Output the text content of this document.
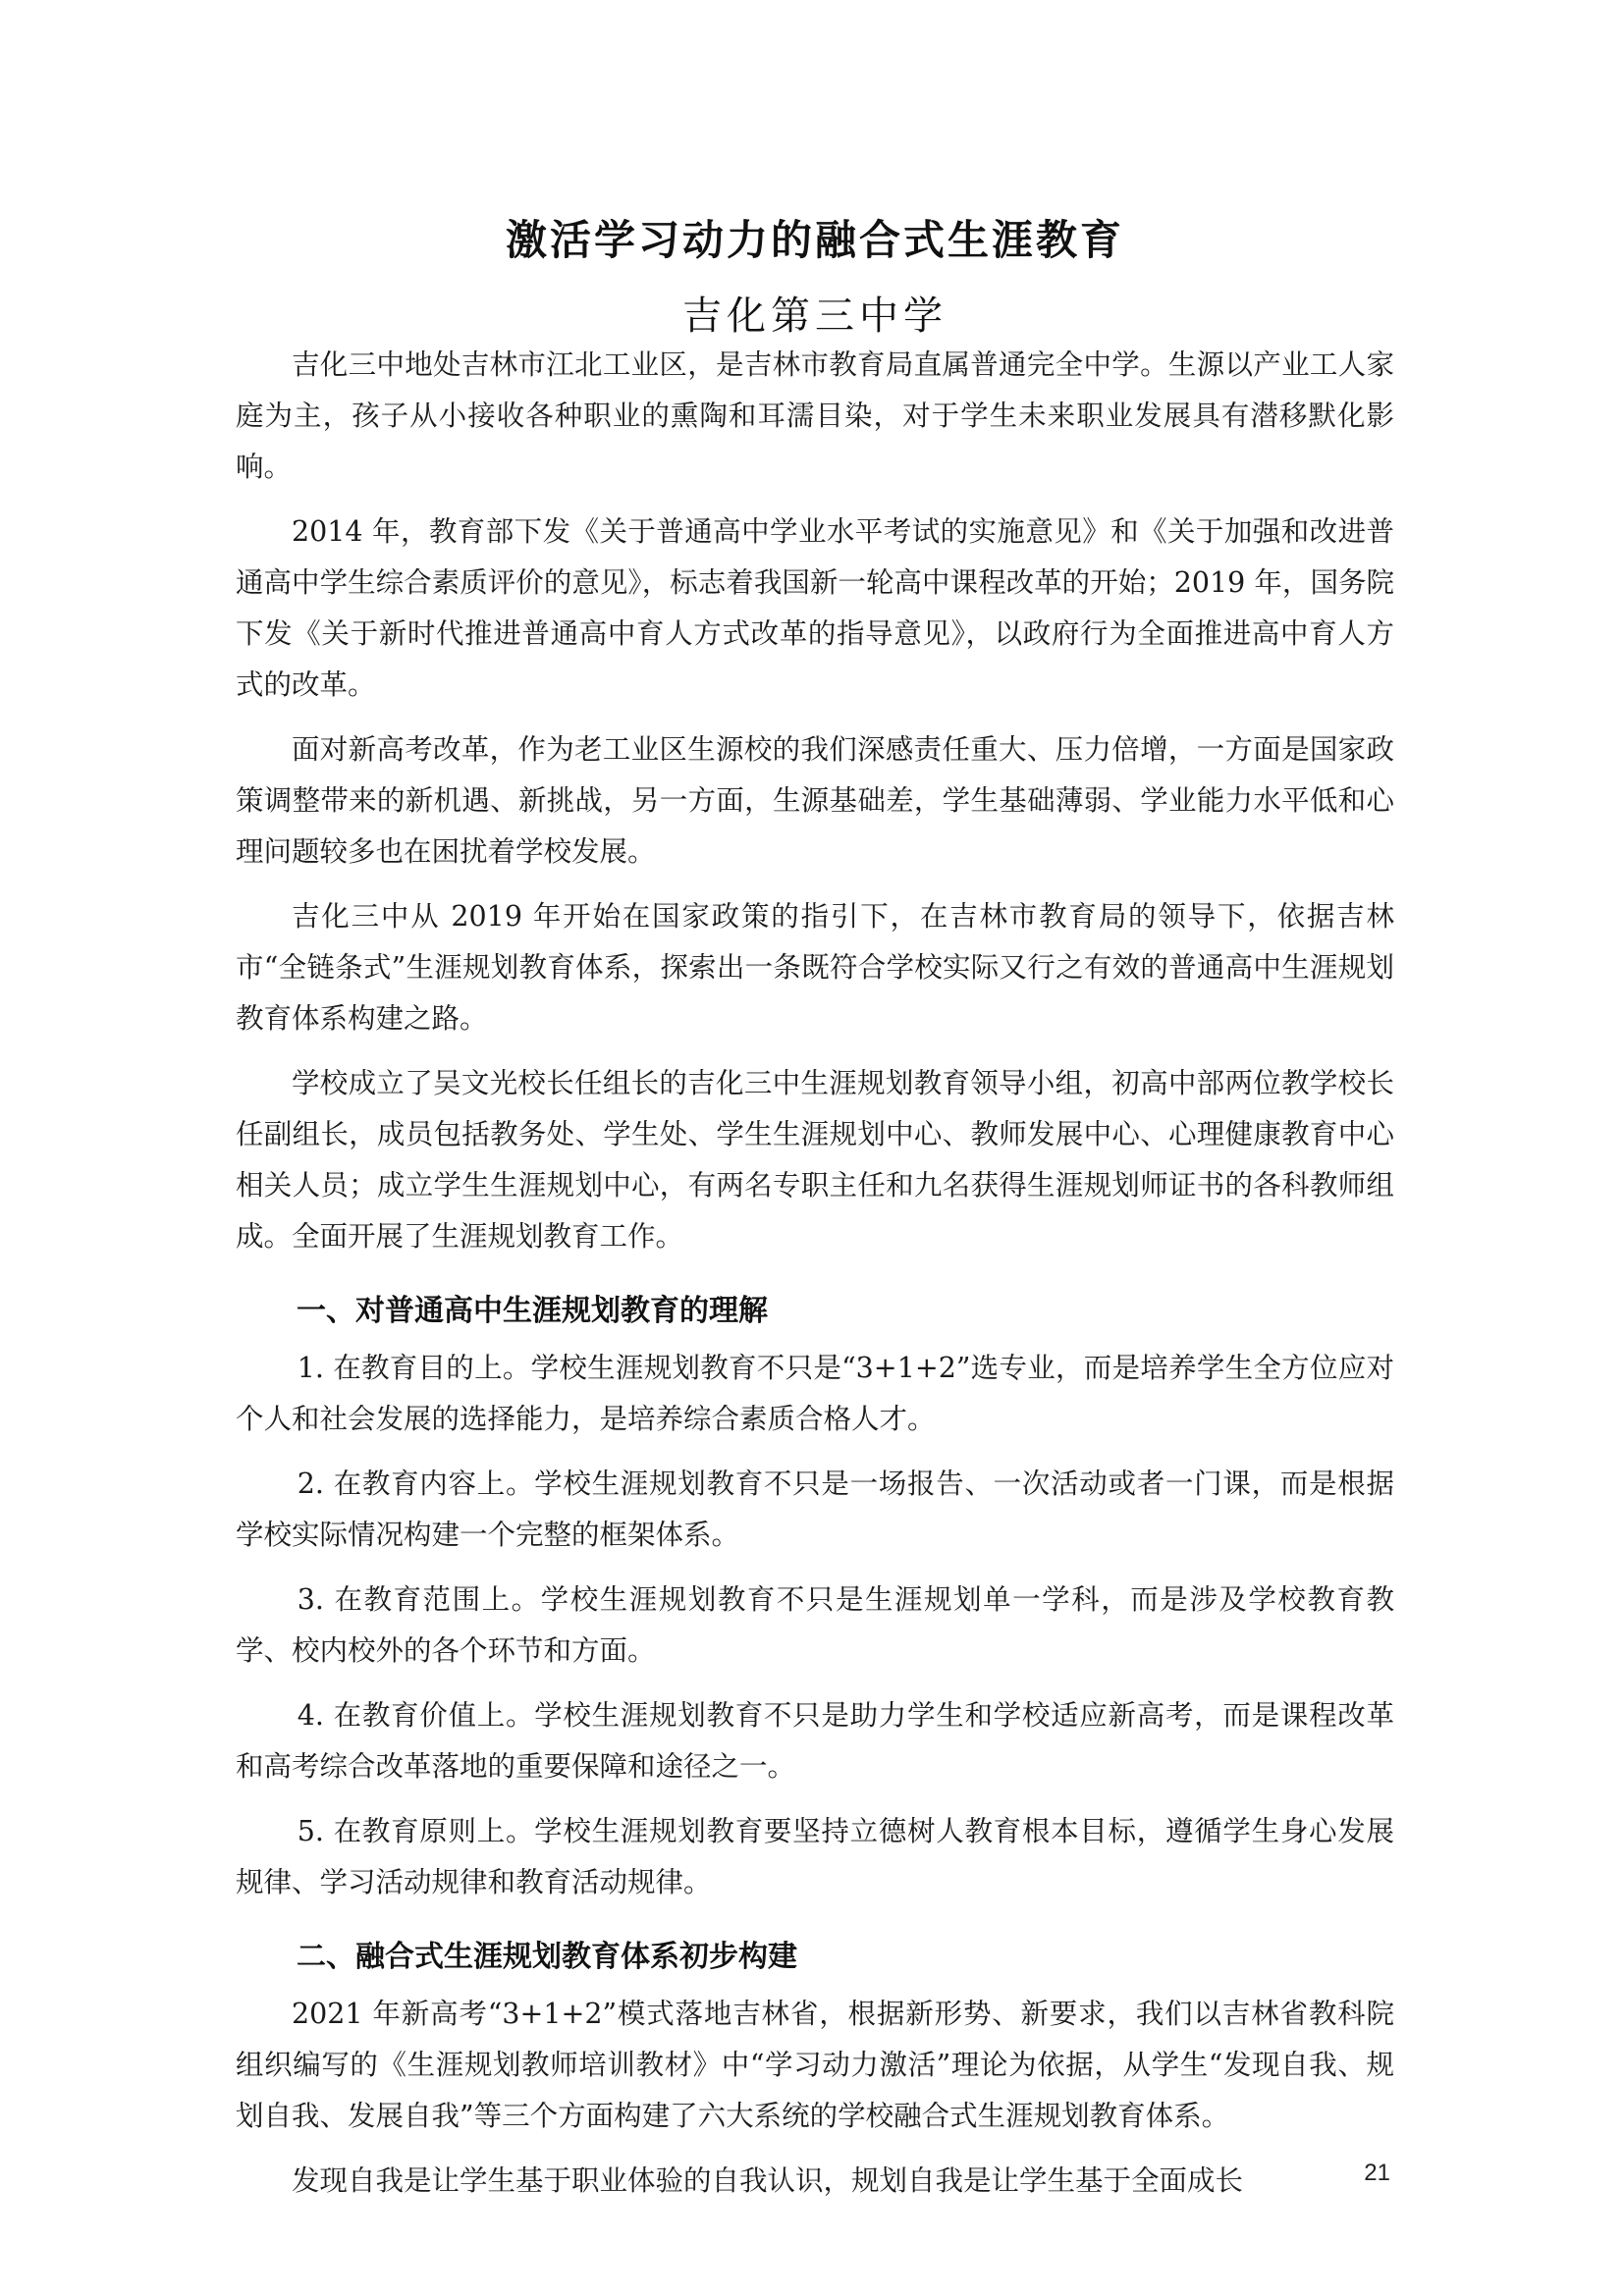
激活学习动力的融合式生涯教育
吉化第三中学

吉化三中地处吉林市江北工业区，是吉林市教育局直属普通完全中学。生源以产业工人家庭为主，孩子从小接收各种职业的熏陶和耳濡目染，对于学生未来职业发展具有潜移默化影响。

2014 年，教育部下发《关于普通高中学业水平考试的实施意见》和《关于加强和改进普通高中学生综合素质评价的意见》，标志着我国新一轮高中课程改革的开始；2019 年，国务院下发《关于新时代推进普通高中育人方式改革的指导意见》，以政府行为全面推进高中育人方式的改革。

面对新高考改革，作为老工业区生源校的我们深感责任重大、压力倍增，一方面是国家政策调整带来的新机遇、新挑战，另一方面，生源基础差，学生基础薄弱、学业能力水平低和心理问题较多也在困扰着学校发展。

吉化三中从 2019 年开始在国家政策的指引下，在吉林市教育局的领导下，依据吉林市“全链条式”生涯规划教育体系，探索出一条既符合学校实际又行之有效的普通高中生涯规划教育体系构建之路。

学校成立了吴文光校长任组长的吉化三中生涯规划教育领导小组，初高中部两位教学校长任副组长，成员包括教务处、学生处、学生生涯规划中心、教师发展中心、心理健康教育中心相关人员；成立学生生涯规划中心，有两名专职主任和九名获得生涯规划师证书的各科教师组成。全面开展了生涯规划教育工作。

一、对普通高中生涯规划教育的理解

1. 在教育目的上。学校生涯规划教育不只是“3+1+2”选专业，而是培养学生全方位应对个人和社会发展的选择能力，是培养综合素质合格人才。

2. 在教育内容上。学校生涯规划教育不只是一场报告、一次活动或者一门课，而是根据学校实际情况构建一个完整的框架体系。

3. 在教育范围上。学校生涯规划教育不只是生涯规划单一学科，而是涉及学校教育教学、校内校外的各个环节和方面。

4. 在教育价值上。学校生涯规划教育不只是助力学生和学校适应新高考，而是课程改革和高考综合改革落地的重要保障和途径之一。

5. 在教育原则上。学校生涯规划教育要坚持立德树人教育根本目标，遵循学生身心发展规律、学习活动规律和教育活动规律。

二、融合式生涯规划教育体系初步构建

2021 年新高考“3+1+2”模式落地吉林省，根据新形势、新要求，我们以吉林省教科院组织编写的《生涯规划教师培训教材》中“学习动力激活”理论为依据，从学生“发现自我、规划自我、发展自我”等三个方面构建了六大系统的学校融合式生涯规划教育体系。

发现自我是让学生基于职业体验的自我认识，规划自我是让学生基于全面成长	21
